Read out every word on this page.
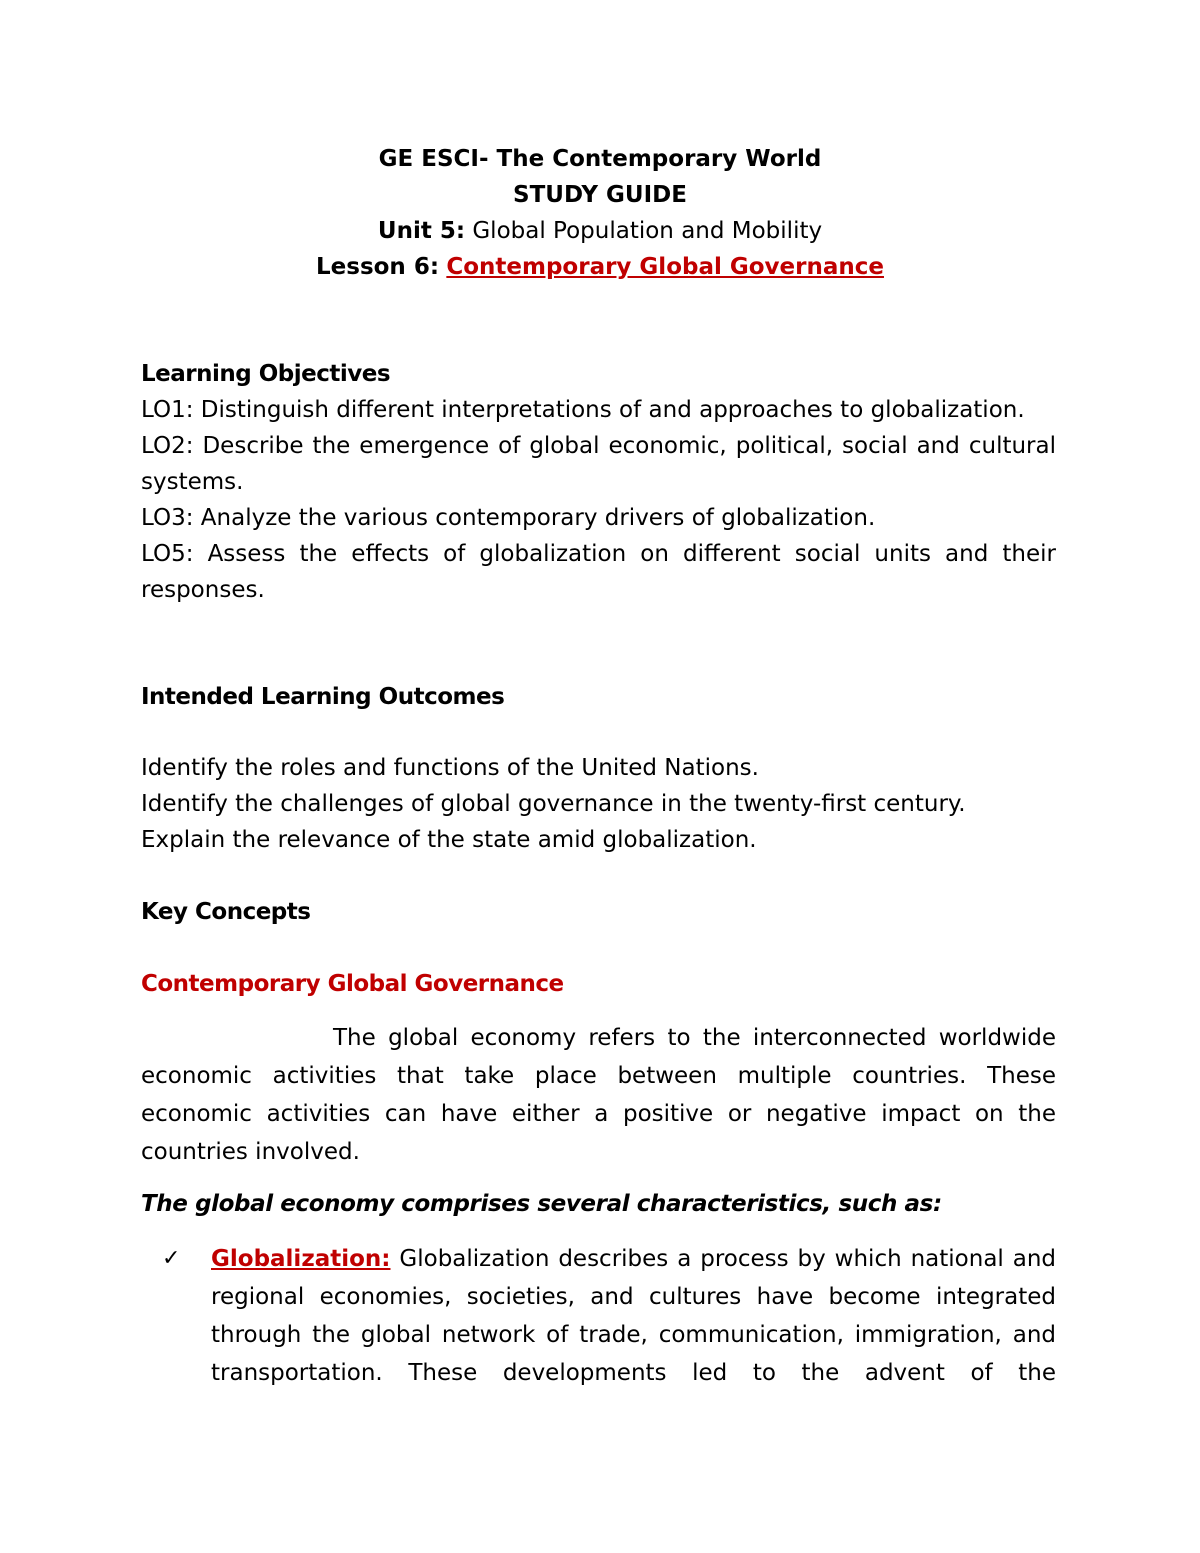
GE ESCI- The Contemporary World
STUDY GUIDE
Unit 5: Global Population and Mobility
Lesson 6: Contemporary Global Governance
Learning Objectives
LO1: Distinguish different interpretations of and approaches to globalization.
LO2: Describe the emergence of global economic, political, social and cultural systems.
LO3: Analyze the various contemporary drivers of globalization.
LO5: Assess the effects of globalization on different social units and their responses.
Intended Learning Outcomes
Identify the roles and functions of the United Nations.
Identify the challenges of global governance in the twenty-first century.
Explain the relevance of the state amid globalization.
Key Concepts
Contemporary Global Governance
The global economy refers to the interconnected worldwide economic activities that take place between multiple countries. These economic activities can have either a positive or negative impact on the countries involved.
The global economy comprises several characteristics, such as:
✓ Globalization: Globalization describes a process by which national and regional economies, societies, and cultures have become integrated through the global network of trade, communication, immigration, and transportation. These developments led to the advent of the
